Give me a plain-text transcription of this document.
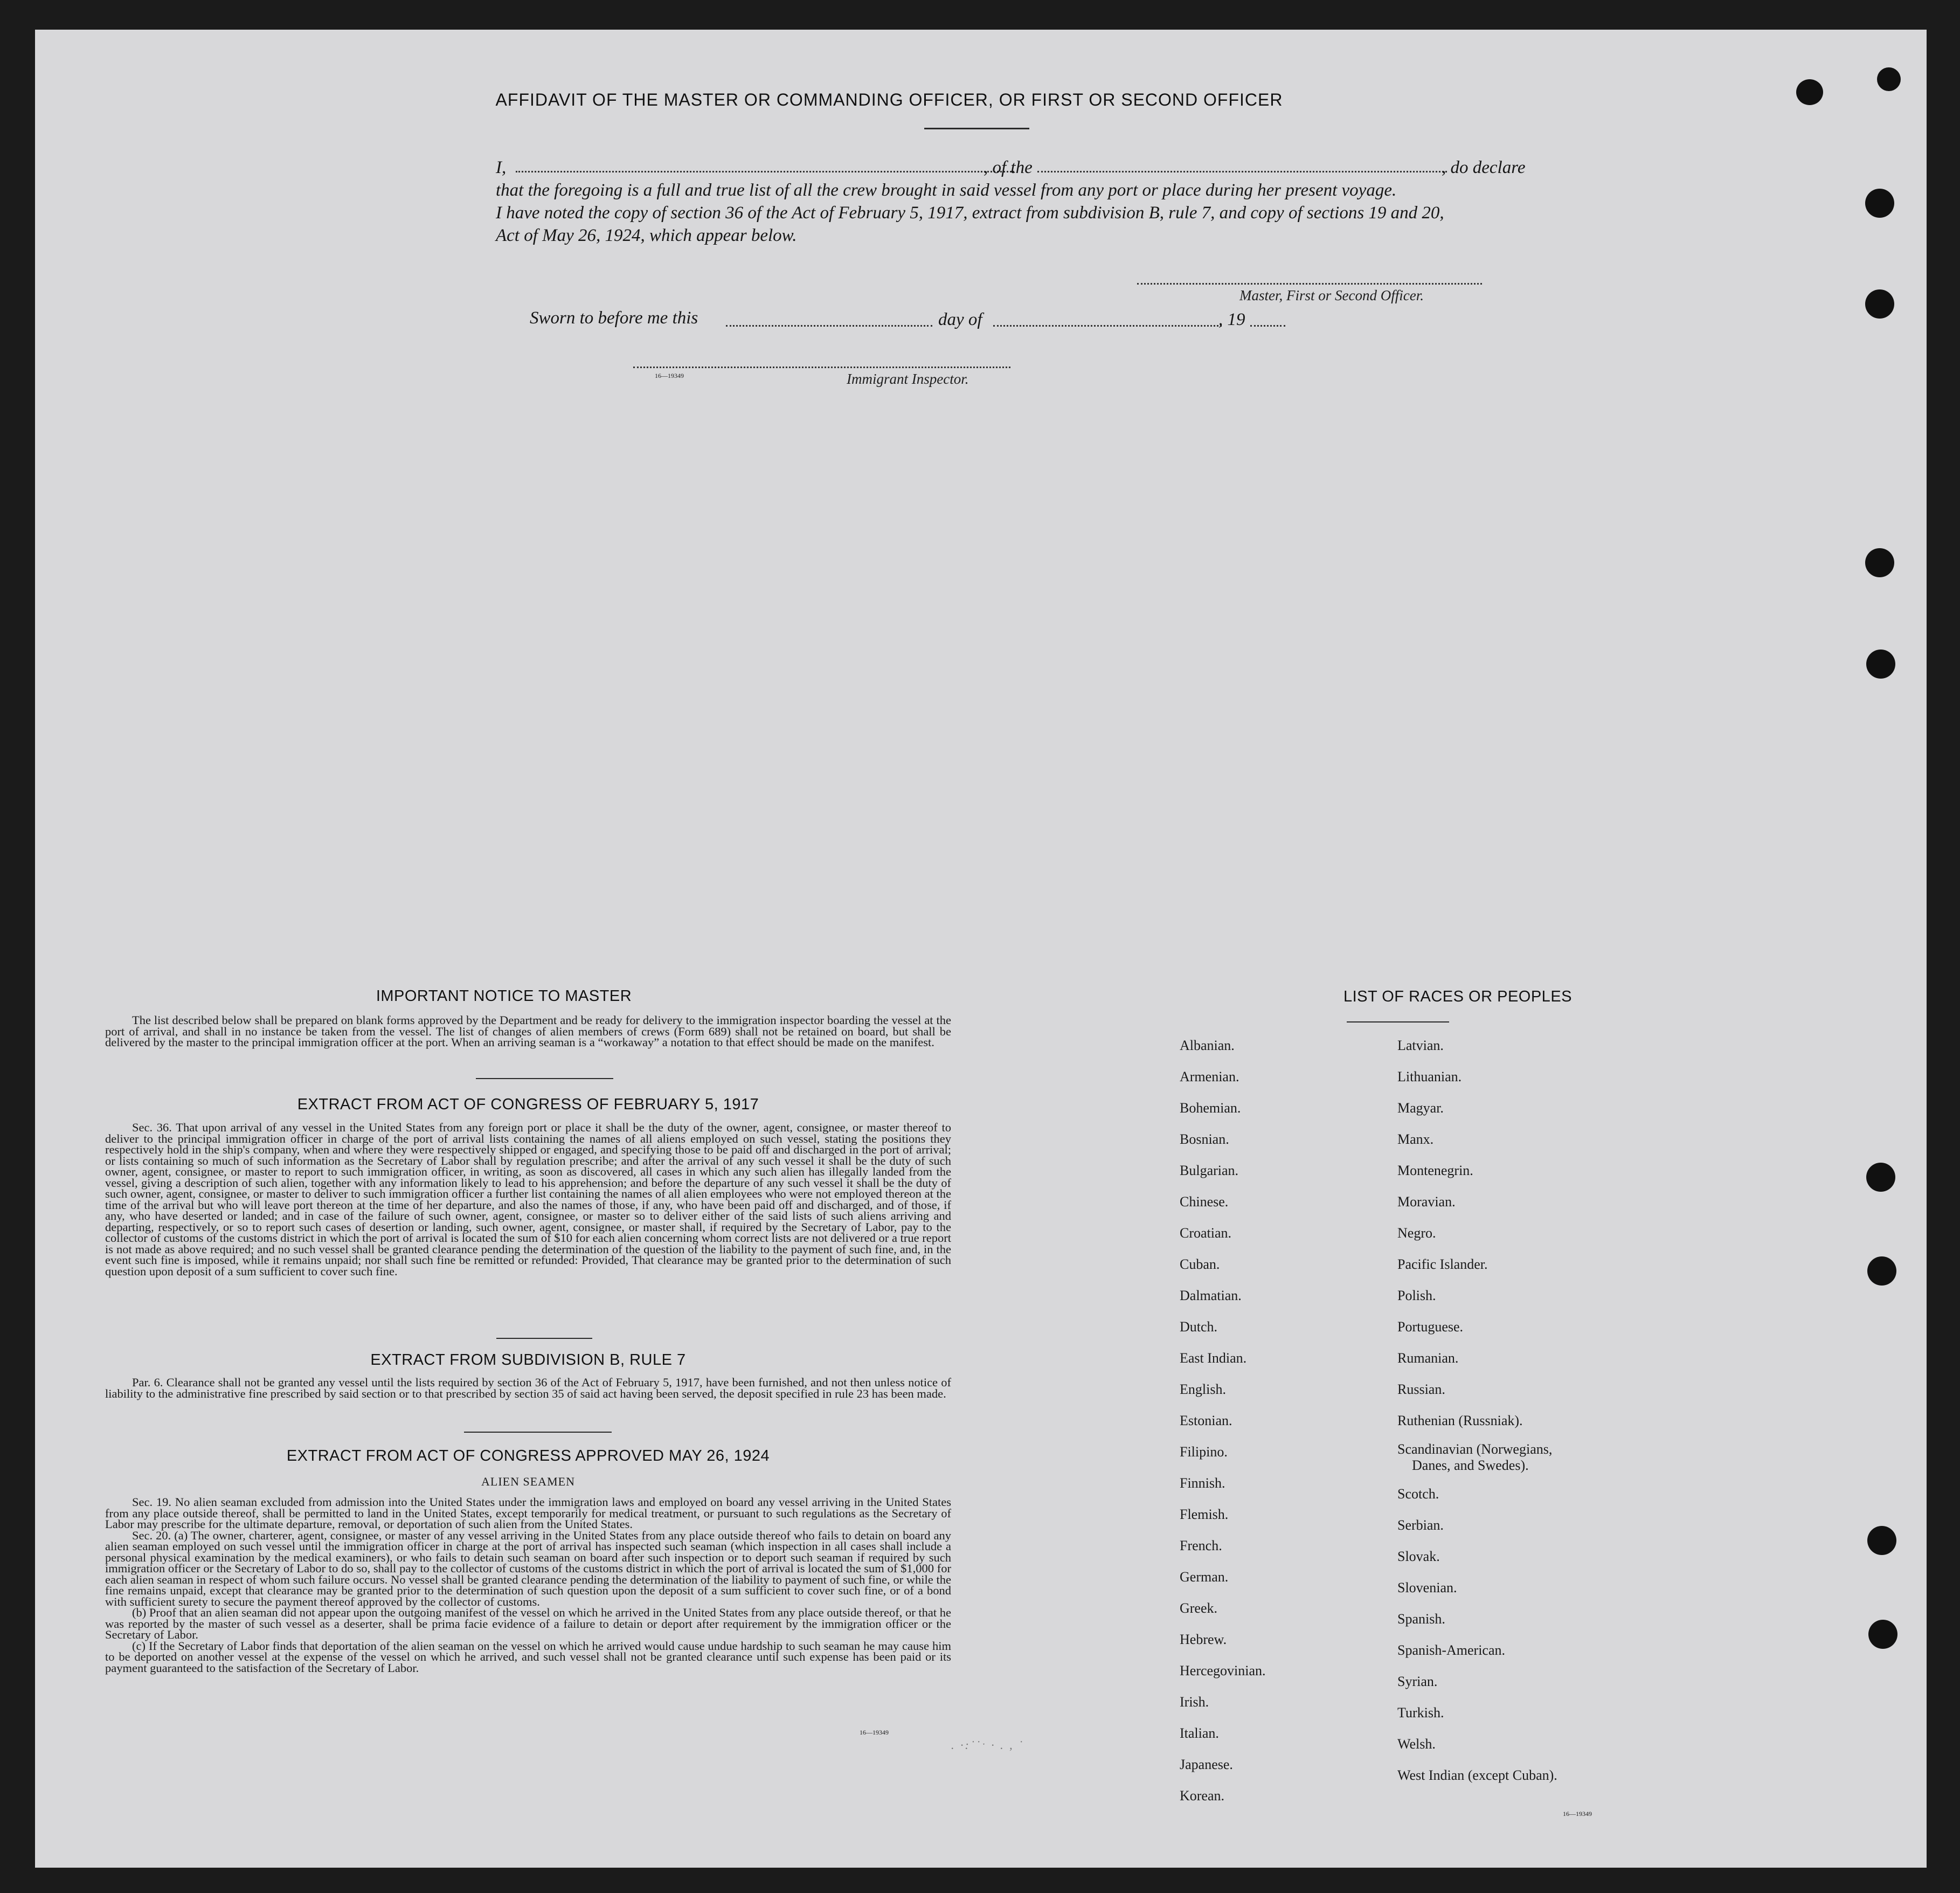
AFFIDAVIT OF THE MASTER OR COMMANDING OFFICER, OR FIRST OR SECOND OFFICER
I,	, of the	, do declare
that the foregoing is a full and true list of all the crew brought in said vessel from any port or place during her present voyage.
I have noted the copy of section 36 of the Act of February 5, 1917, extract from subdivision B, rule 7, and copy of sections 19 and 20,
Act of May 26, 1924, which appear below.
Master, First or Second Officer.
Sworn to before me this	day of	, 19
16—19349	Immigrant Inspector.
IMPORTANT NOTICE TO MASTER

The list described below shall be prepared on blank forms approved by the Department and be ready for delivery to the immigration inspector boarding the vessel at the port of arrival, and shall in no instance be taken from the vessel. The list of changes of alien members of crews (Form 689) shall not be retained on board, but shall be delivered by the master to the principal immigration officer at the port. When an arriving seaman is a “workaway” a notation to that effect should be made on the manifest.

EXTRACT FROM ACT OF CONGRESS OF FEBRUARY 5, 1917

Sec. 36. That upon arrival of any vessel in the United States from any foreign port or place it shall be the duty of the owner, agent, consignee, or master thereof to deliver to the principal immigration officer in charge of the port of arrival lists containing the names of all aliens employed on such vessel, stating the positions they respectively hold in the ship's company, when and where they were respectively shipped or engaged, and specifying those to be paid off and discharged in the port of arrival; or lists containing so much of such information as the Secretary of Labor shall by regulation prescribe; and after the arrival of any such vessel it shall be the duty of such owner, agent, consignee, or master to report to such immigration officer, in writing, as soon as discovered, all cases in which any such alien has illegally landed from the vessel, giving a description of such alien, together with any information likely to lead to his apprehension; and before the departure of any such vessel it shall be the duty of such owner, agent, consignee, or master to deliver to such immigration officer a further list containing the names of all alien employees who were not employed thereon at the time of the arrival but who will leave port thereon at the time of her departure, and also the names of those, if any, who have been paid off and discharged, and of those, if any, who have deserted or landed; and in case of the failure of such owner, agent, consignee, or master so to deliver either of the said lists of such aliens arriving and departing, respectively, or so to report such cases of desertion or landing, such owner, agent, consignee, or master shall, if required by the Secretary of Labor, pay to the collector of customs of the customs district in which the port of arrival is located the sum of $10 for each alien concerning whom correct lists are not delivered or a true report is not made as above required; and no such vessel shall be granted clearance pending the determination of the question of the liability to the payment of such fine, and, in the event such fine is imposed, while it remains unpaid; nor shall such fine be remitted or refunded: Provided, That clearance may be granted prior to the determination of such question upon deposit of a sum sufficient to cover such fine.

EXTRACT FROM SUBDIVISION B, RULE 7

Par. 6. Clearance shall not be granted any vessel until the lists required by section 36 of the Act of February 5, 1917, have been furnished, and not then unless notice of liability to the administrative fine prescribed by said section or to that prescribed by section 35 of said act having been served, the deposit specified in rule 23 has been made.

EXTRACT FROM ACT OF CONGRESS APPROVED MAY 26, 1924
ALIEN SEAMEN

Sec. 19. No alien seaman excluded from admission into the United States under the immigration laws and employed on board any vessel arriving in the United States from any place outside thereof, shall be permitted to land in the United States, except temporarily for medical treatment, or pursuant to such regulations as the Secretary of Labor may prescribe for the ultimate departure, removal, or deportation of such alien from the United States.

Sec. 20. (a) The owner, charterer, agent, consignee, or master of any vessel arriving in the United States from any place outside thereof who fails to detain on board any alien seaman employed on such vessel until the immigration officer in charge at the port of arrival has inspected such seaman (which inspection in all cases shall include a personal physical examination by the medical examiners), or who fails to detain such seaman on board after such inspection or to deport such seaman if required by such immigration officer or the Secretary of Labor to do so, shall pay to the collector of customs of the customs district in which the port of arrival is located the sum of $1,000 for each alien seaman in respect of whom such failure occurs. No vessel shall be granted clearance pending the determination of the liability to payment of such fine, or while the fine remains unpaid, except that clearance may be granted prior to the determination of such question upon the deposit of a sum sufficient to cover such fine, or of a bond with sufficient surety to secure the payment thereof approved by the collector of customs.

(b) Proof that an alien seaman did not appear upon the outgoing manifest of the vessel on which he arrived in the United States from any place outside thereof, or that he was reported by the master of such vessel as a deserter, shall be prima facie evidence of a failure to detain or deport after requirement by the immigration officer or the Secretary of Labor.

(c) If the Secretary of Labor finds that deportation of the alien seaman on the vessel on which he arrived would cause undue hardship to such seaman he may cause him to be deported on another vessel at the expense of the vessel on which he arrived, and such vessel shall not be granted clearance until such expense has been paid or its payment guaranteed to the satisfaction of the Secretary of Labor.

16—19349
. ·:˙˙ˑ ∙ . , ˙
LIST OF RACES OR PEOPLES
16—19349
Albanian.
Armenian.
Bohemian.
Bosnian.
Bulgarian.
Chinese.
Croatian.
Cuban.
Dalmatian.
Dutch.
East Indian.
English.
Estonian.
Filipino.
Finnish.
Flemish.
French.
German.
Greek.
Hebrew.
Hercegovinian.
Irish.
Italian.
Japanese.
Korean.
Latvian.
Lithuanian.
Magyar.
Manx.
Montenegrin.
Moravian.
Negro.
Pacific Islander.
Polish.
Portuguese.
Rumanian.
Russian.
Ruthenian (Russniak).
Scandinavian (Norwegians,
Danes, and Swedes).
Scotch.
Serbian.
Slovak.
Slovenian.
Spanish.
Spanish-American.
Syrian.
Turkish.
Welsh.
West Indian (except Cuban).
